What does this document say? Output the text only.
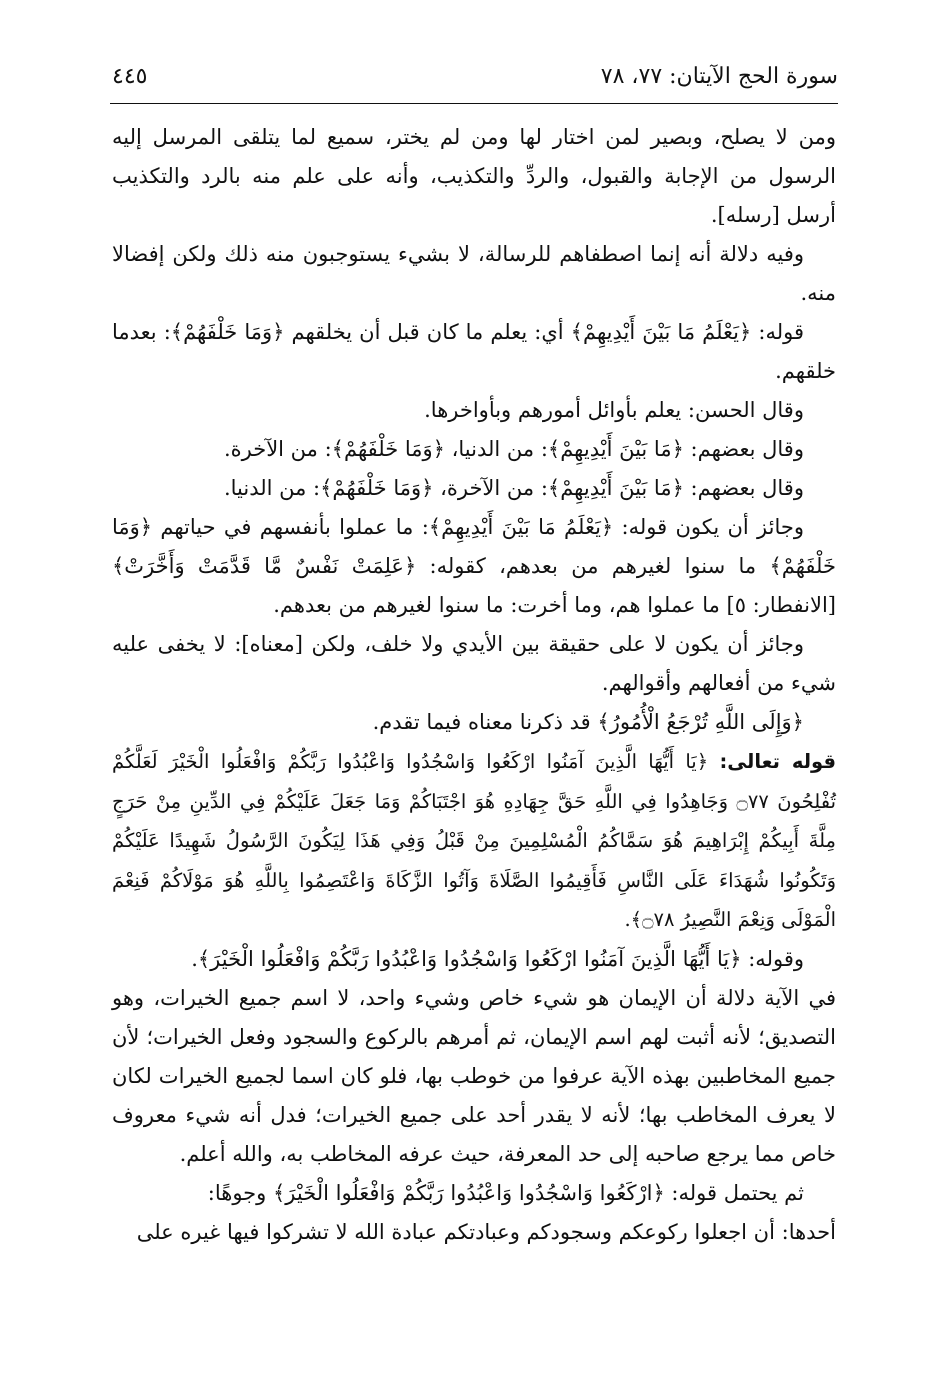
سورة الحج الآيتان: ٧٧، ٧٨
٤٤٥

ومن لا يصلح، وبصير لمن اختار لها ومن لم يختر، سميع لما يتلقى المرسل إليه الرسول من الإجابة والقبول، والردِّ والتكذيب، وأنه على علم منه بالرد والتكذيب أرسل [رسله].

وفيه دلالة أنه إنما اصطفاهم للرسالة، لا بشيء يستوجبون منه ذلك ولكن إفضالا منه.

قوله: ﴿يَعْلَمُ مَا بَيْنَ أَيْدِيهِمْ﴾ أي: يعلم ما كان قبل أن يخلقهم ﴿وَمَا خَلْفَهُمْ﴾: بعدما خلقهم.

وقال الحسن: يعلم بأوائل أمورهم وبأواخرها.

وقال بعضهم: ﴿مَا بَيْنَ أَيْدِيهِمْ﴾: من الدنيا، ﴿وَمَا خَلْفَهُمْ﴾: من الآخرة.

وقال بعضهم: ﴿مَا بَيْنَ أَيْدِيهِمْ﴾: من الآخرة، ﴿وَمَا خَلْفَهُمْ﴾: من الدنيا.

وجائز أن يكون قوله: ﴿يَعْلَمُ مَا بَيْنَ أَيْدِيهِمْ﴾: ما عملوا بأنفسهم في حياتهم ﴿وَمَا خَلْفَهُمْ﴾ ما سنوا لغيرهم من بعدهم، كقوله: ﴿عَلِمَتْ نَفْسٌ مَّا قَدَّمَتْ وَأَخَّرَتْ﴾ [الانفطار: ٥] ما عملوا هم، وما أخرت: ما سنوا لغيرهم من بعدهم.

وجائز أن يكون لا على حقيقة بين الأيدي ولا خلف، ولكن [معناه]: لا يخفى عليه شيء من أفعالهم وأقوالهم.

﴿وَإِلَى اللَّهِ تُرْجَعُ الْأُمُورُ﴾ قد ذكرنا معناه فيما تقدم.

قوله تعالى: ﴿يَا أَيُّهَا الَّذِينَ آمَنُوا ارْكَعُوا وَاسْجُدُوا وَاعْبُدُوا رَبَّكُمْ وَافْعَلُوا الْخَيْرَ لَعَلَّكُمْ تُفْلِحُونَ ۝٧٧ وَجَاهِدُوا فِي اللَّهِ حَقَّ جِهَادِهِ هُوَ اجْتَبَاكُمْ وَمَا جَعَلَ عَلَيْكُمْ فِي الدِّينِ مِنْ حَرَجٍ مِلَّةَ أَبِيكُمْ إِبْرَاهِيمَ هُوَ سَمَّاكُمُ الْمُسْلِمِينَ مِنْ قَبْلُ وَفِي هَذَا لِيَكُونَ الرَّسُولُ شَهِيدًا عَلَيْكُمْ وَتَكُونُوا شُهَدَاءَ عَلَى النَّاسِ فَأَقِيمُوا الصَّلَاةَ وَآتُوا الزَّكَاةَ وَاعْتَصِمُوا بِاللَّهِ هُوَ مَوْلَاكُمْ فَنِعْمَ الْمَوْلَى وَنِعْمَ النَّصِيرُ ۝٧٨﴾.

وقوله: ﴿يَا أَيُّهَا الَّذِينَ آمَنُوا ارْكَعُوا وَاسْجُدُوا وَاعْبُدُوا رَبَّكُمْ وَافْعَلُوا الْخَيْرَ﴾.

في الآية دلالة أن الإيمان هو شيء خاص وشيء واحد، لا اسم جميع الخيرات، وهو التصديق؛ لأنه أثبت لهم اسم الإيمان، ثم أمرهم بالركوع والسجود وفعل الخيرات؛ لأن جميع المخاطبين بهذه الآية عرفوا من خوطب بها، فلو كان اسما لجميع الخيرات لكان لا يعرف المخاطب بها؛ لأنه لا يقدر أحد على جميع الخيرات؛ فدل أنه شيء معروف خاص مما يرجع صاحبه إلى حد المعرفة، حيث عرفه المخاطب به، والله أعلم.

ثم يحتمل قوله: ﴿ارْكَعُوا وَاسْجُدُوا وَاعْبُدُوا رَبَّكُمْ وَافْعَلُوا الْخَيْرَ﴾ وجوهًا:

أحدها: أن اجعلوا ركوعكم وسجودكم وعبادتكم عبادة الله لا تشركوا فيها غيره على
